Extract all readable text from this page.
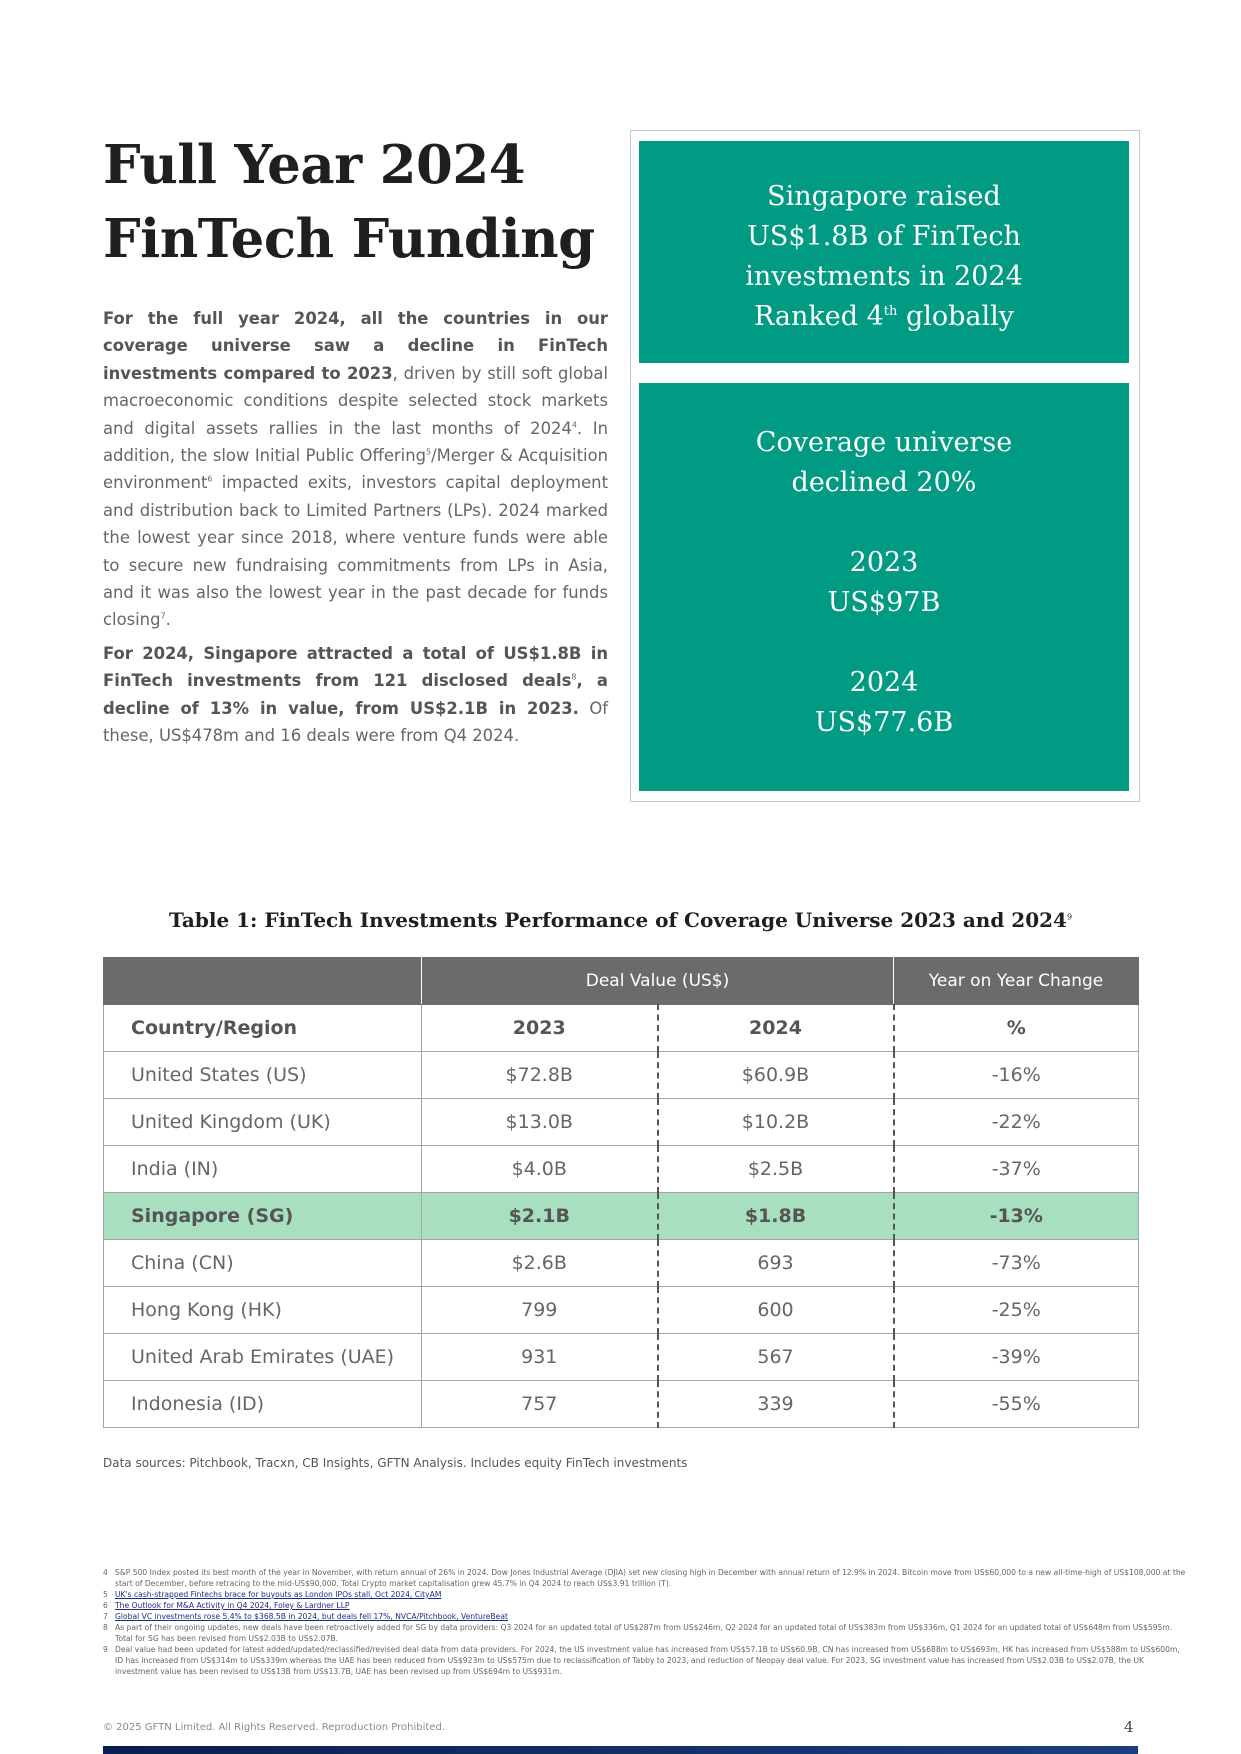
Full Year 2024
FinTech Funding
For the full year 2024, all the countries in our coverage universe saw a decline in FinTech investments compared to 2023, driven by still soft global macroeconomic conditions despite selected stock markets and digital assets rallies in the last months of 2024$^4$. In addition, the slow Initial Public Offering$^5$/Merger & Acquisition environment$^6$ impacted exits, investors capital deployment and distribution back to Limited Partners (LPs). 2024 marked the lowest year since 2018, where venture funds were able to secure new fundraising commitments from LPs in Asia, and it was also the lowest year in the past decade for funds closing$^7$.
For 2024, Singapore attracted a total of US$1.8B in FinTech investments from 121 disclosed deals$^8$, a decline of 13% in value, from US$2.1B in 2023. Of these, US$478m and 16 deals were from Q4 2024.
Singapore raised
US$1.8B of FinTech
investments in 2024
Ranked 4th globally
Coverage universe
declined 20%
2023
US$97B
2024
US$77.6B
Table 1: FinTech Investments Performance of Coverage Universe 2023 and 2024$^9$
	Deal Value (US$)		Year on Year Change
Country/Region	2023	2024	%
United States (US)	$72.8B	$60.9B	-16%
United Kingdom (UK)	$13.0B	$10.2B	-22%
India (IN)	$4.0B	$2.5B	-37%
Singapore (SG)	$2.1B	$1.8B	-13%
China (CN)	$2.6B	693	-73%
Hong Kong (HK)	799	600	-25%
United Arab Emirates (UAE)	931	567	-39%
Indonesia (ID)	757	339	-55%
Data sources: Pitchbook, Tracxn, CB Insights, GFTN Analysis. Includes equity FinTech investments
4 S&P 500 Index posted its best month of the year in November, with return annual of 26% in 2024. Dow Jones Industrial Average (DJIA) set new closing high in December with annual return of 12.9% in 2024. Bitcoin move from US$60,000 to a new all-time-high of US$108,000 at the start of December, before retracing to the mid-US$90,000. Total Crypto market capitalisation grew 45.7% in Q4 2024 to reach US$3.91 trillion (T).
5 UK's cash-strapped Fintechs brace for buyouts as London IPOs stall, Oct 2024, CityAM
6 The Outlook for M&A Activity in Q4 2024, Foley & Lardner LLP
7 Global VC investments rose 5.4% to $368.5B in 2024, but deals fell 17%, NVCA/Pitchbook, VentureBeat
8 As part of their ongoing updates, new deals have been retroactively added for SG by data providers: Q3 2024 for an updated total of US$287m from US$246m, Q2 2024 for an updated total of US$383m from US$336m, Q1 2024 for an updated total of US$648m from US$595m. Total for SG has been revised from US$2.03B to US$2.07B.
9 Deal value had been updated for latest added/updated/reclassified/revised deal data from data providers. For 2024, the US investment value has increased from US$57.1B to US$60.9B, CN has increased from US$688m to US$693m, HK has increased from US$588m to US$600m, ID has increased from US$314m to US$339m whereas the UAE has been reduced from US$923m to US$575m due to reclassification of Tabby to 2023, and reduction of Neopay deal value. For 2023, SG investment value has increased from US$2.03B to US$2.07B, the UK investment value has been revised to US$13B from US$13.7B, UAE has been revised up from US$694m to US$931m.
© 2025 GFTN Limited. All Rights Reserved. Reproduction Prohibited.	4
